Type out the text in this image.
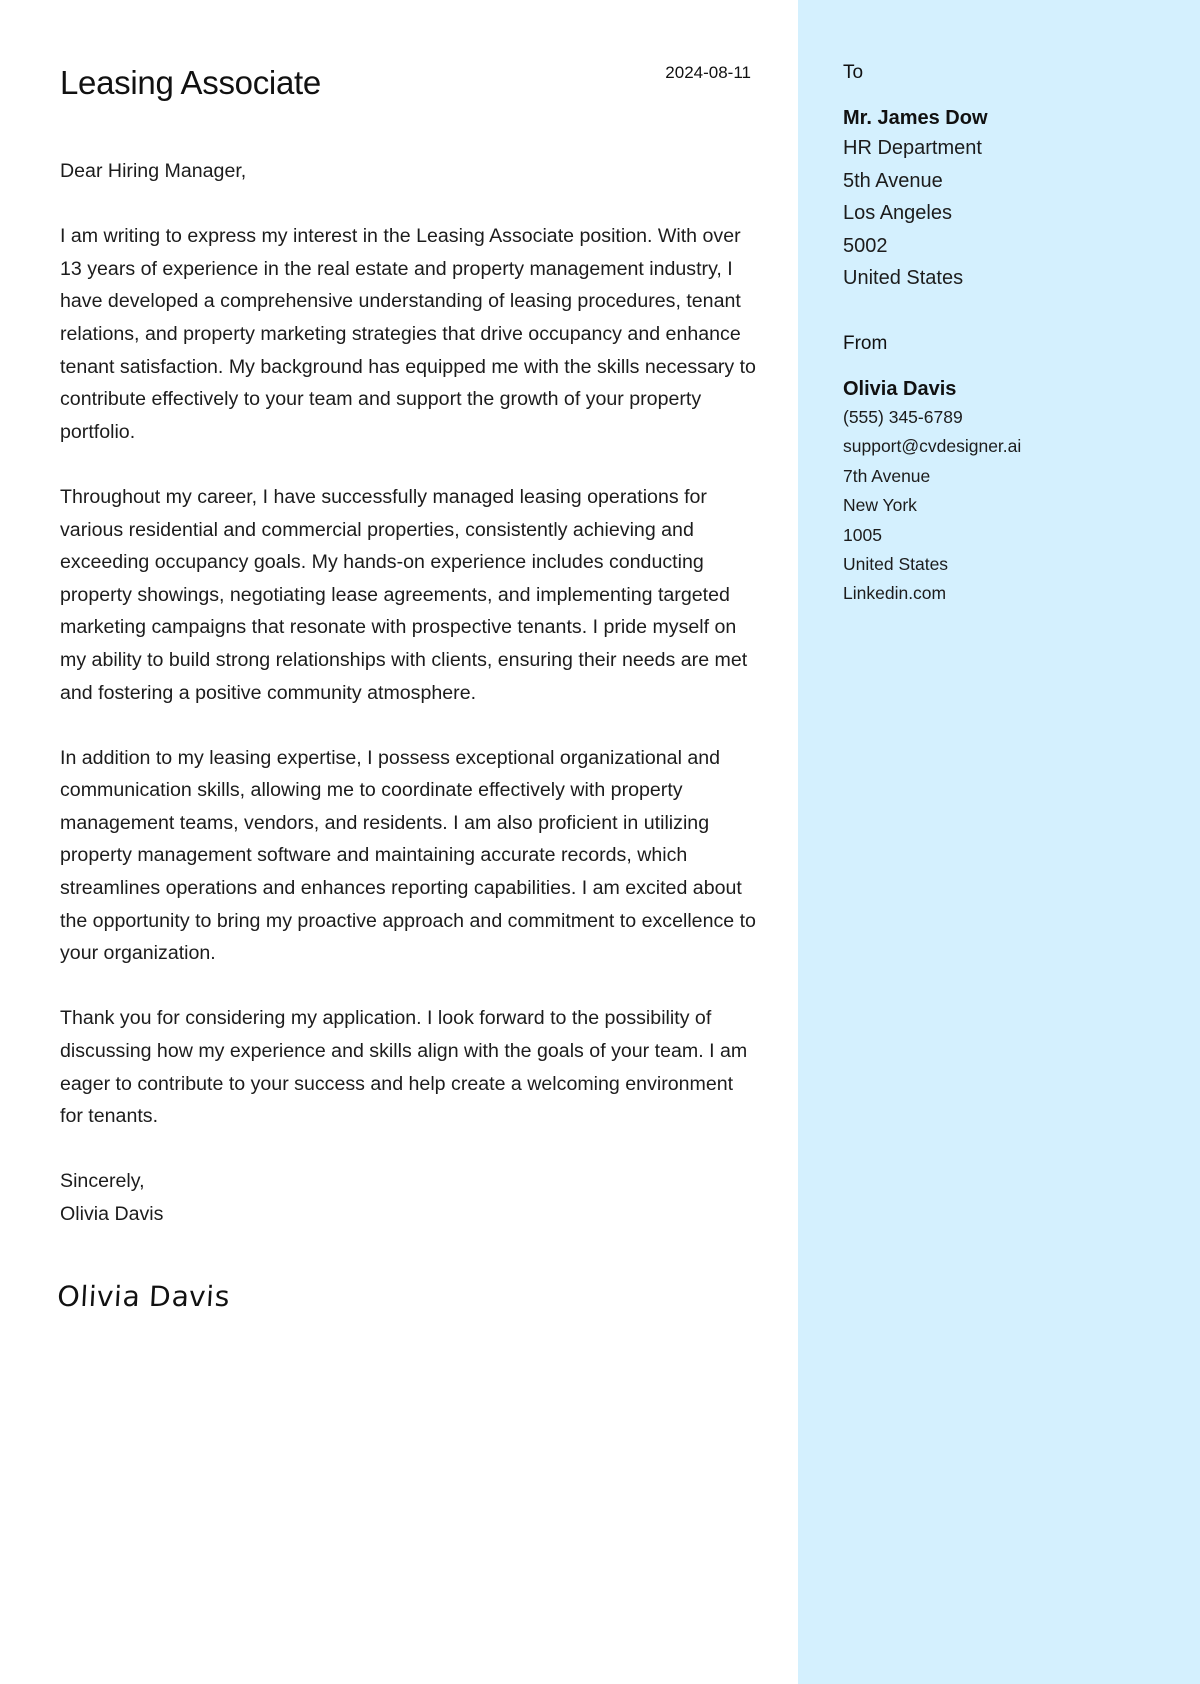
Leasing Associate	2024-08-11

Dear Hiring Manager,

I am writing to express my interest in the Leasing Associate position. With over 13 years of experience in the real estate and property management industry, I have developed a comprehensive understanding of leasing procedures, tenant relations, and property marketing strategies that drive occupancy and enhance tenant satisfaction. My background has equipped me with the skills necessary to contribute effectively to your team and support the growth of your property portfolio.

Throughout my career, I have successfully managed leasing operations for various residential and commercial properties, consistently achieving and exceeding occupancy goals. My hands-on experience includes conducting property showings, negotiating lease agreements, and implementing targeted marketing campaigns that resonate with prospective tenants. I pride myself on my ability to build strong relationships with clients, ensuring their needs are met and fostering a positive community atmosphere.

In addition to my leasing expertise, I possess exceptional organizational and communication skills, allowing me to coordinate effectively with property management teams, vendors, and residents. I am also proficient in utilizing property management software and maintaining accurate records, which streamlines operations and enhances reporting capabilities. I am excited about the opportunity to bring my proactive approach and commitment to excellence to your organization.

Thank you for considering my application. I look forward to the possibility of discussing how my experience and skills align with the goals of your team. I am eager to contribute to your success and help create a welcoming environment for tenants.

Sincerely,

Olivia Davis

Olivia Davis
To
Mr. James Dow
HR Department
5th Avenue
Los Angeles
5002
United States
From
Olivia Davis
(555) 345-6789
support@cvdesigner.ai
7th Avenue
New York
1005
United States
Linkedin.com
